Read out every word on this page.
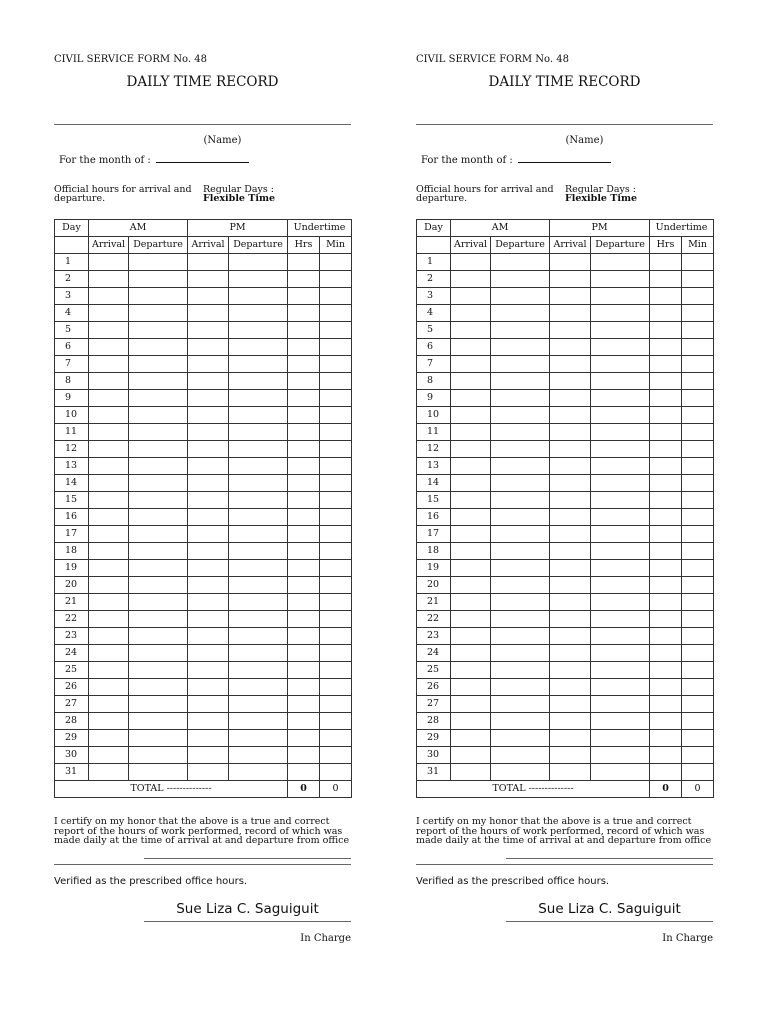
CIVIL SERVICE FORM No. 48
DAILY TIME RECORD
(Name)
For the month of :
Official hours for arrival and departure.
Regular Days :
Flexible Time
Day	AM		PM		Undertime	
	Arrival	Departure	Arrival	Departure	Hrs	Min
1						
2						
3						
4						
5						
6						
7						
8						
9						
10						
11						
12						
13						
14						
15						
16						
17						
18						
19						
20						
21						
22						
23						
24						
25						
26						
27						
28						
29						
30						
31						
TOTAL --------------					0	0
I certify on my honor that the above is a true and correct report of the hours of work performed, record of which was made daily at the time of arrival at and departure from office
Verified as the prescribed office hours.
Sue Liza C. Saguiguit
In Charge
CIVIL SERVICE FORM No. 48
DAILY TIME RECORD
(Name)
For the month of :
Official hours for arrival and departure.
Regular Days :
Flexible Time
Day	AM		PM		Undertime	
	Arrival	Departure	Arrival	Departure	Hrs	Min
1						
2						
3						
4						
5						
6						
7						
8						
9						
10						
11						
12						
13						
14						
15						
16						
17						
18						
19						
20						
21						
22						
23						
24						
25						
26						
27						
28						
29						
30						
31						
TOTAL --------------					0	0
I certify on my honor that the above is a true and correct report of the hours of work performed, record of which was made daily at the time of arrival at and departure from office
Verified as the prescribed office hours.
Sue Liza C. Saguiguit
In Charge
